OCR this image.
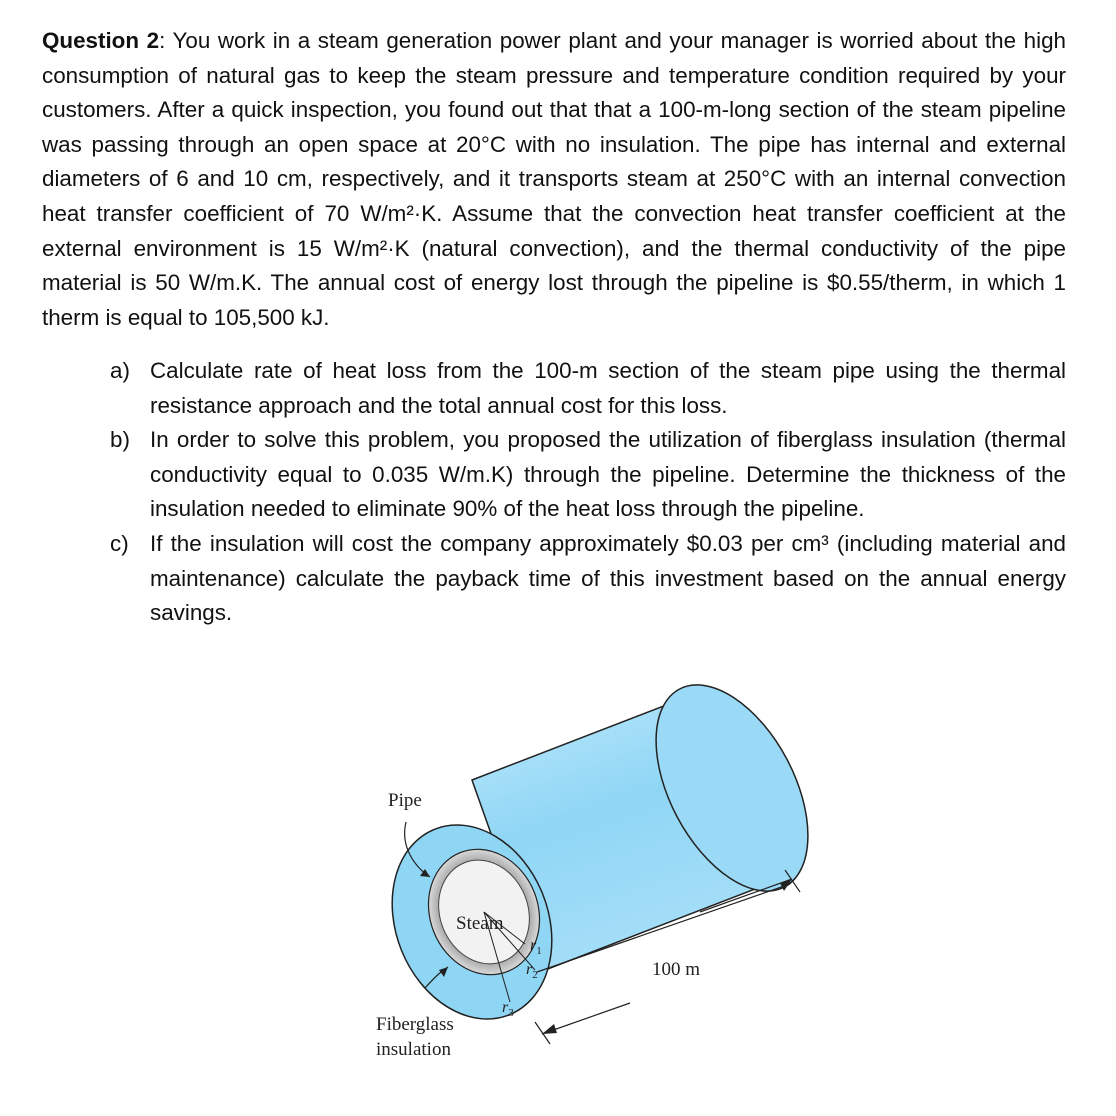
Question 2: You work in a steam generation power plant and your manager is worried about the high consumption of natural gas to keep the steam pressure and temperature condition required by your customers. After a quick inspection, you found out that that a 100-m-long section of the steam pipeline was passing through an open space at 20°C with no insulation. The pipe has internal and external diameters of 6 and 10 cm, respectively, and it transports steam at 250°C with an internal convection heat transfer coefficient of 70 W/m²·K. Assume that the convection heat transfer coefficient at the external environment is 15 W/m²·K (natural convection), and the thermal conductivity of the pipe material is 50 W/m.K. The annual cost of energy lost through the pipeline is $0.55/therm, in which 1 therm is equal to 105,500 kJ.
a) Calculate rate of heat loss from the 100-m section of the steam pipe using the thermal resistance approach and the total annual cost for this loss.
b) In order to solve this problem, you proposed the utilization of fiberglass insulation (thermal conductivity equal to 0.035 W/m.K) through the pipeline. Determine the thickness of the insulation needed to eliminate 90% of the heat loss through the pipeline.
c) If the insulation will cost the company approximately $0.03 per cm³ (including material and maintenance) calculate the payback time of this investment based on the annual energy savings.
Pipe
Steam
$r_1$
$r_2$
$r_3$
100 m
Fiberglass
insulation
